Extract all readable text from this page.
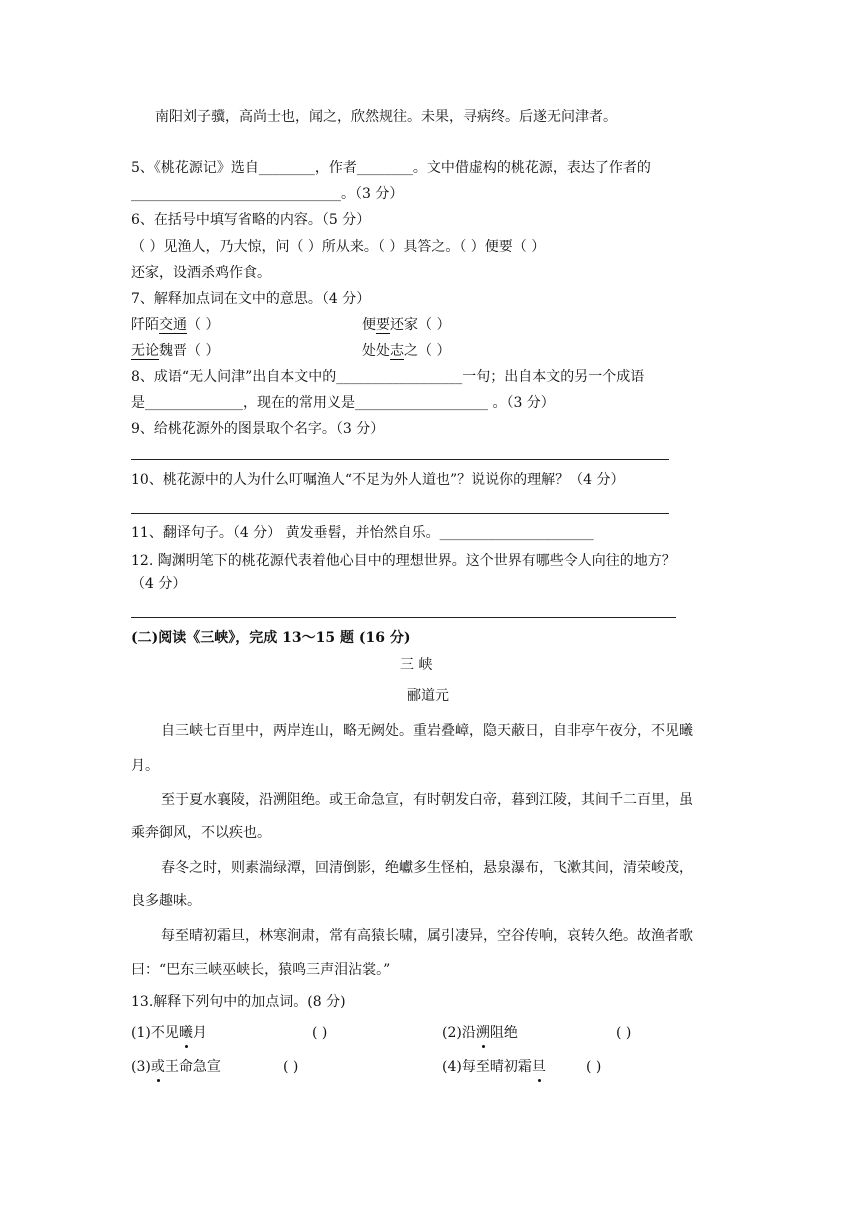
南阳刘子骥，高尚士也，闻之，欣然规往。未果，寻病终。后遂无问津者。
5、《桃花源记》选自________，作者________。文中借虚构的桃花源，表达了作者的
______________________________。（3 分）
6、在括号中填写省略的内容。（5 分）
（ ）见渔人，乃大惊，问（ ）所从来。（ ）具答之。（ ）便要（ ）
还家，设酒杀鸡作食。
7、解释加点词在文中的意思。（4 分）
阡陌交通（ ）	便要还家（ ）
无论魏晋（ ）	处处志之（ ）
8、成语“无人问津”出自本文中的__________________一句；出自本文的另一个成语
是______________，现在的常用义是___________________ 。（3 分）
9、给桃花源外的图景取个名字。（3 分）
10、桃花源中的人为什么叮嘱渔人“不足为外人道也”？说说你的理解？（4 分）
11、翻译句子。（4 分） 黄发垂髫，并怡然自乐。______________________
12. 陶渊明笔下的桃花源代表着他心目中的理想世界。这个世界有哪些令人向往的地方？
（4 分）
(二)阅读《三峡》，完成 13～15 题 (16 分)
三 峡
郦道元
自三峡七百里中，两岸连山，略无阙处。重岩叠嶂，隐天蔽日，自非亭午夜分，不见曦
月。
至于夏水襄陵，沿溯阻绝。或王命急宣，有时朝发白帝，暮到江陵，其间千二百里，虽
乘奔御风，不以疾也。
春冬之时，则素湍绿潭，回清倒影，绝巘多生怪柏，悬泉瀑布，飞漱其间，清荣峻茂，
良多趣味。
每至晴初霜旦，林寒涧肃，常有高猿长啸，属引凄异，空谷传响，哀转久绝。故渔者歌
曰：“巴东三峡巫峡长，猿鸣三声泪沾裳。”
13.解释下列句中的加点词。(8 分)
(1)不见曦月	( )	(2)沿溯阻绝	( )
(3)或王命急宣	( )	(4)每至晴初霜旦	( )
